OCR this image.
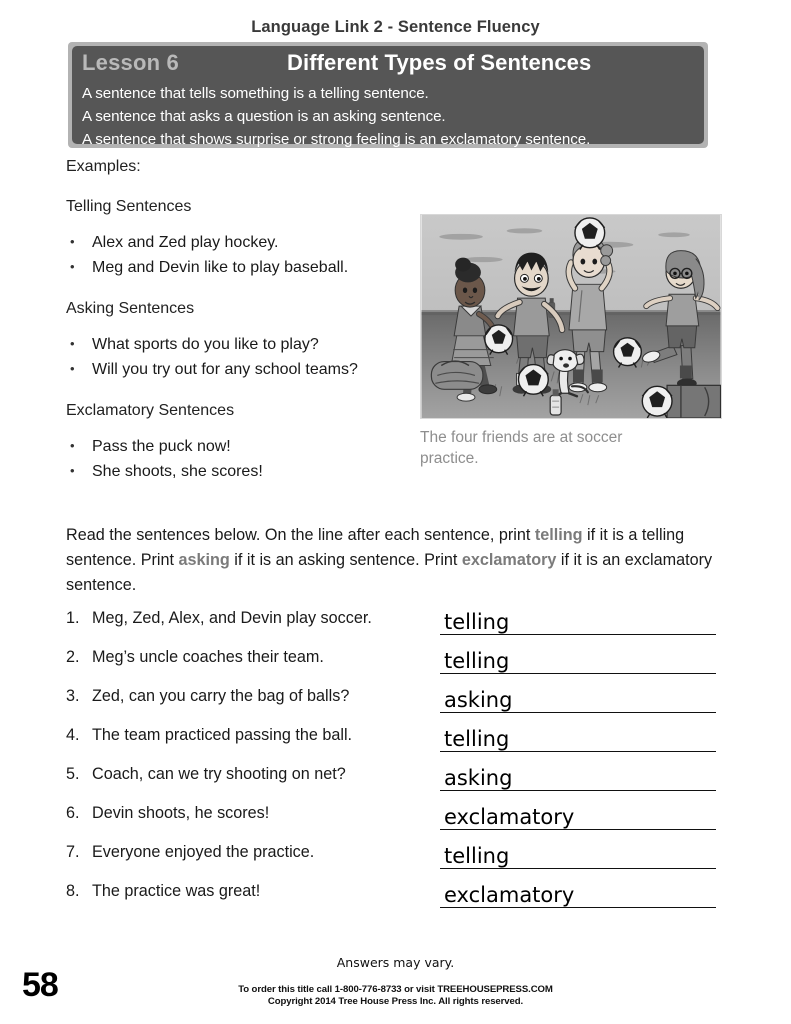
Language Link 2 - Sentence Fluency
Lesson 6	Different Types of Sentences
A sentence that tells something is a telling sentence.
A sentence that asks a question is an asking sentence.
A sentence that shows surprise or strong feeling is an exclamatory sentence.
Examples:
Telling Sentences
• Alex and Zed play hockey.
• Meg and Devin like to play baseball.
Asking Sentences
• What sports do you like to play?
• Will you try out for any school teams?
Exclamatory Sentences
• Pass the puck now!
• She shoots, she scores!
The four friends are at soccer practice.

Read the sentences below. On the line after each sentence, print telling if it is a telling sentence. Print asking if it is an asking sentence. Print exclamatory if it is an exclamatory sentence.

1. Meg, Zed, Alex, and Devin play soccer.	telling
2. Meg’s uncle coaches their team.	telling
3. Zed, can you carry the bag of balls?	asking
4. The team practiced passing the ball.	telling
5. Coach, can we try shooting on net?	asking
6. Devin shoots, he scores!	exclamatory
7. Everyone enjoyed the practice.	telling
8. The practice was great!	exclamatory
Answers may vary.
To order this title call 1-800-776-8733 or visit TREEHOUSEPRESS.COM
Copyright 2014 Tree House Press Inc. All rights reserved.
58
